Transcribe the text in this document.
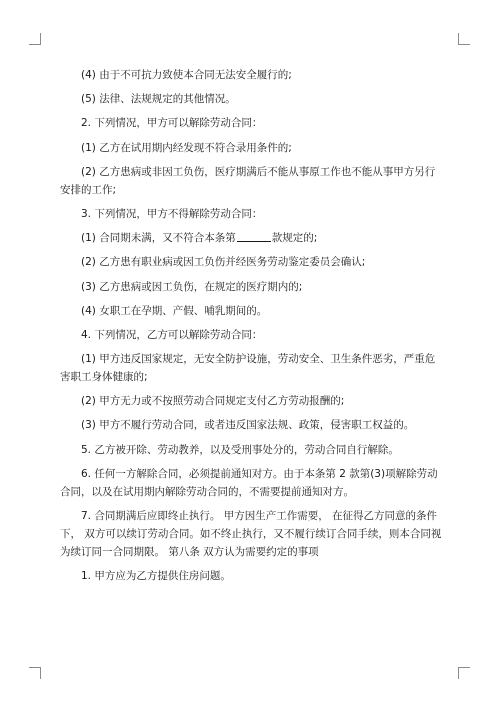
(4) 由于不可抗力致使本合同无法安全履行的;

(5) 法律、法规规定的其他情况。

2. 下列情况，甲方可以解除劳动合同：

(1) 乙方在试用期内经发现不符合录用条件的;

(2) 乙方患病或非因工负伤，医疗期满后不能从事原工作也不能从事甲方另行 安排的工作;

3. 下列情况，甲方不得解除劳动合同：

(1) 合同期未满，又不符合本条第	款规定的;

(2) 乙方患有职业病或因工负伤并经医务劳动鉴定委员会确认;

(3) 乙方患病或因工负伤，在规定的医疗期内的;

(4) 女职工在孕期、产假、哺乳期间的。

4. 下列情况，乙方可以解除劳动合同：

(1) 甲方违反国家规定，无安全防护设施，劳动安全、卫生条件恶劣，严重危 害职工身体健康的;

(2) 甲方无力或不按照劳动合同规定支付乙方劳动报酬的;

(3) 甲方不履行劳动合同，或者违反国家法规、政策，侵害职工权益的。

5. 乙方被开除、劳动教养，以及受刑事处分的，劳动合同自行解除。

6. 任何一方解除合同，必须提前通知对方。由于本条第 2 款第(3)项解除劳动 合同，以及在试用期内解除劳动合同的，不需要提前通知对方。

7. 合同期满后应即终止执行。 甲方因生产工作需要， 在征得乙方同意的条件下， 双方可以续订劳动合同。如不终止执行，又不履行续订合同手续，则本合同视为续订同一合同期限。 第八条 双方认为需要约定的事项

1. 甲方应为乙方提供住房问题。
